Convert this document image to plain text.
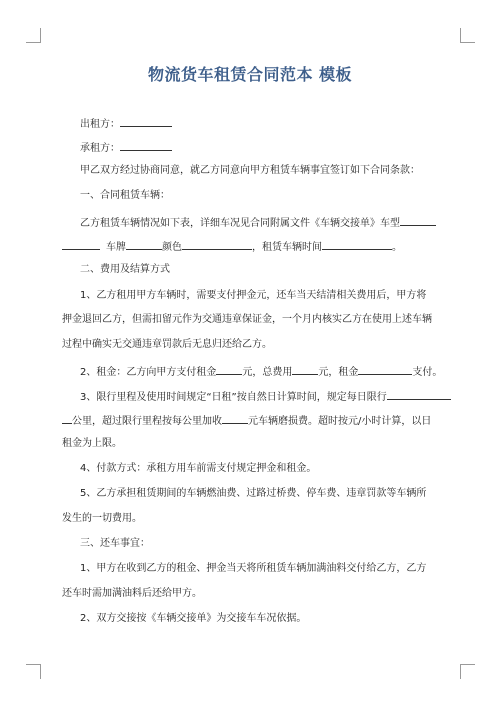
物流货车租赁合同范本 模板
出租方：
承租方：
甲乙双方经过协商同意，就乙方同意向甲方租赁车辆事宜签订如下合同条款：
一、合同租赁车辆：
乙方租赁车辆情况如下表，详细车况见合同附属文件《车辆交接单》车型
车牌	颜色	，租赁车辆时间	。
二、费用及结算方式
1、乙方租用甲方车辆时，需要支付押金元，还车当天结清相关费用后，甲方将
押金退回乙方，但需扣留元作为交通违章保证金，一个月内核实乙方在使用上述车辆
过程中确实无交通违章罚款后无息归还给乙方。
2、租金：乙方向甲方支付租金	元，总费用	元，租金	支付。
3、限行里程及使用时间规定“日租”按自然日计算时间，规定每日限行
公里，超过限行里程按每公里加收	元车辆磨损费。超时按元/小时计算，以日
租金为上限。
4、付款方式：承租方用车前需支付规定押金和租金。
5、乙方承担租赁期间的车辆燃油费、过路过桥费、停车费、违章罚款等车辆所
发生的一切费用。
三、还车事宜：
1、甲方在收到乙方的租金、押金当天将所租赁车辆加满油料交付给乙方，乙方
还车时需加满油料后还给甲方。
2、双方交接按《车辆交接单》为交接车车况依据。
